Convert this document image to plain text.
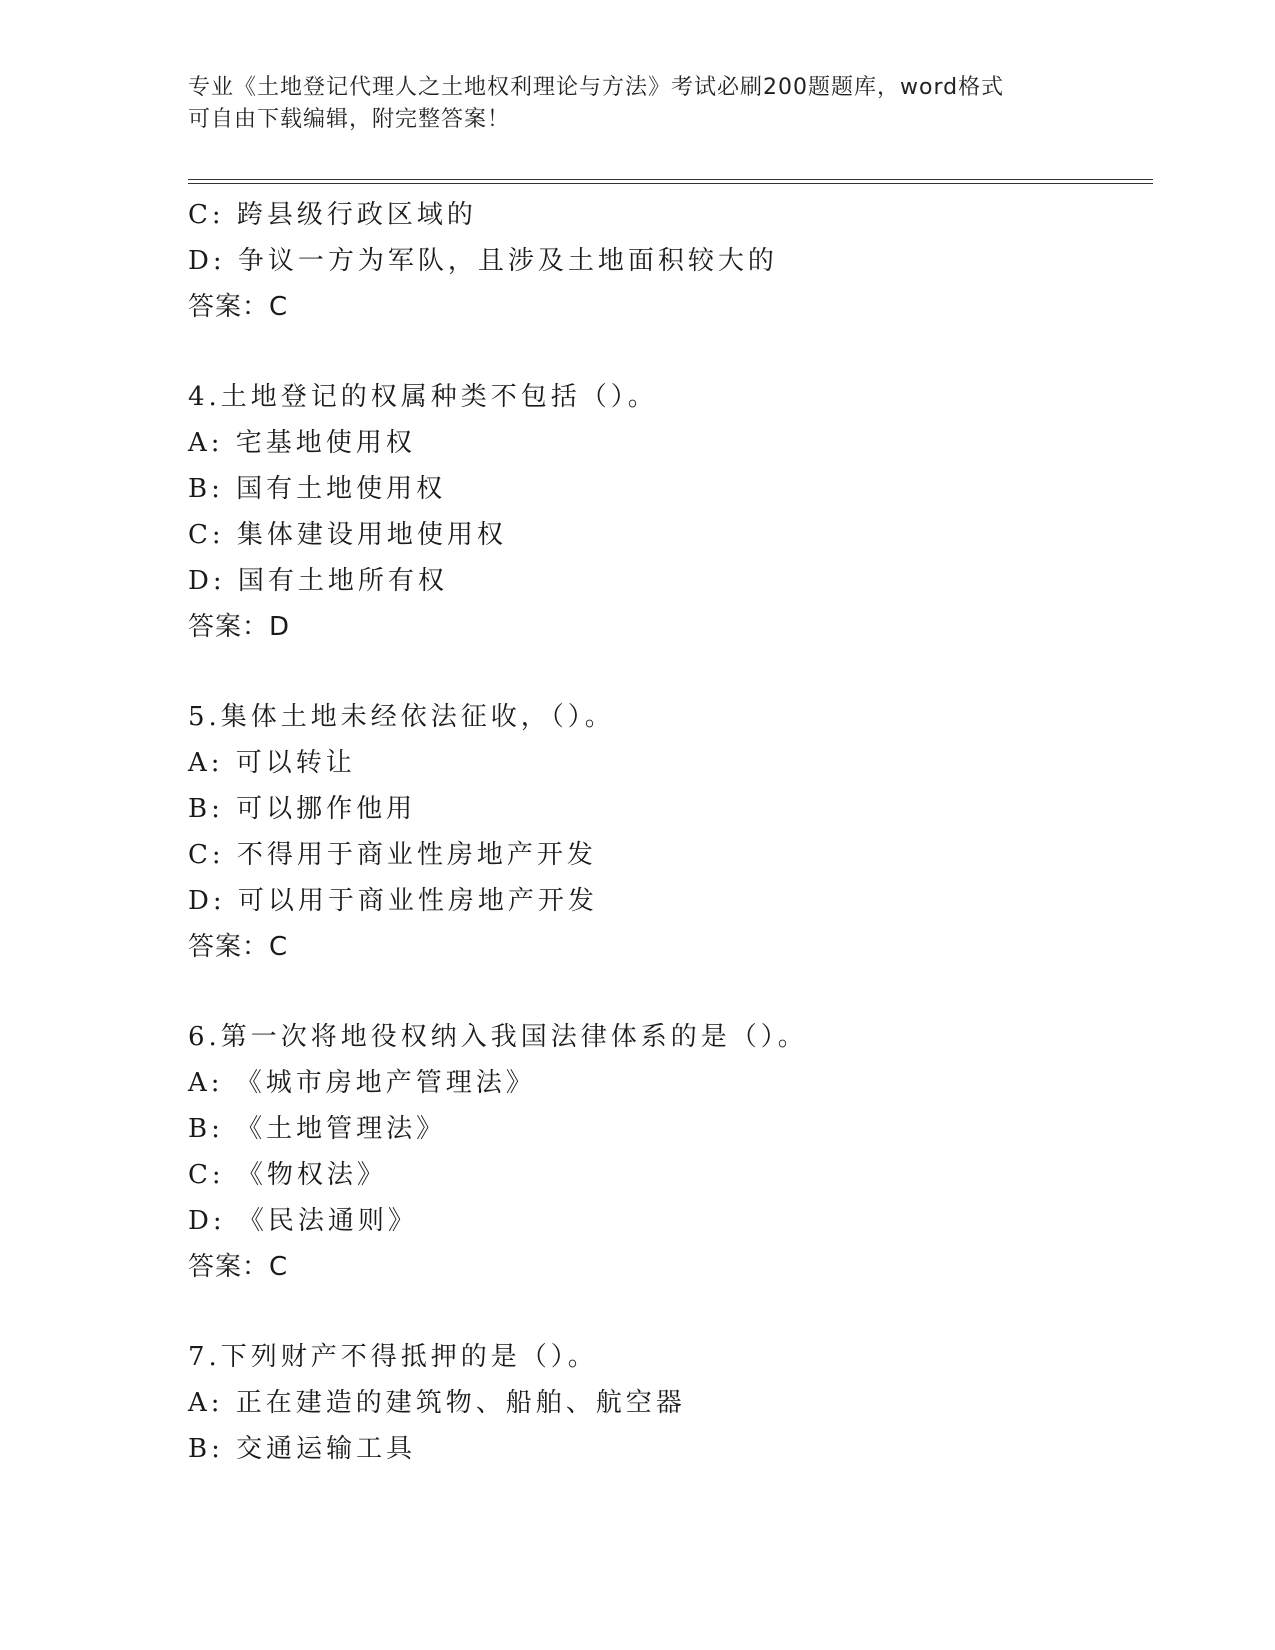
专业《土地登记代理人之土地权利理论与方法》考试必刷200题题库，word格式
可自由下载编辑，附完整答案！
C: 跨县级行政区域的
D: 争议一方为军队，且涉及土地面积较大的
答案：C
4.土地登记的权属种类不包括（）。
A: 宅基地使用权
B: 国有土地使用权
C: 集体建设用地使用权
D: 国有土地所有权
答案：D
5.集体土地未经依法征收，（）。
A: 可以转让
B: 可以挪作他用
C: 不得用于商业性房地产开发
D: 可以用于商业性房地产开发
答案：C
6.第一次将地役权纳入我国法律体系的是（）。
A: 《城市房地产管理法》
B: 《土地管理法》
C: 《物权法》
D: 《民法通则》
答案：C
7.下列财产不得抵押的是（）。
A: 正在建造的建筑物、船舶、航空器
B: 交通运输工具
